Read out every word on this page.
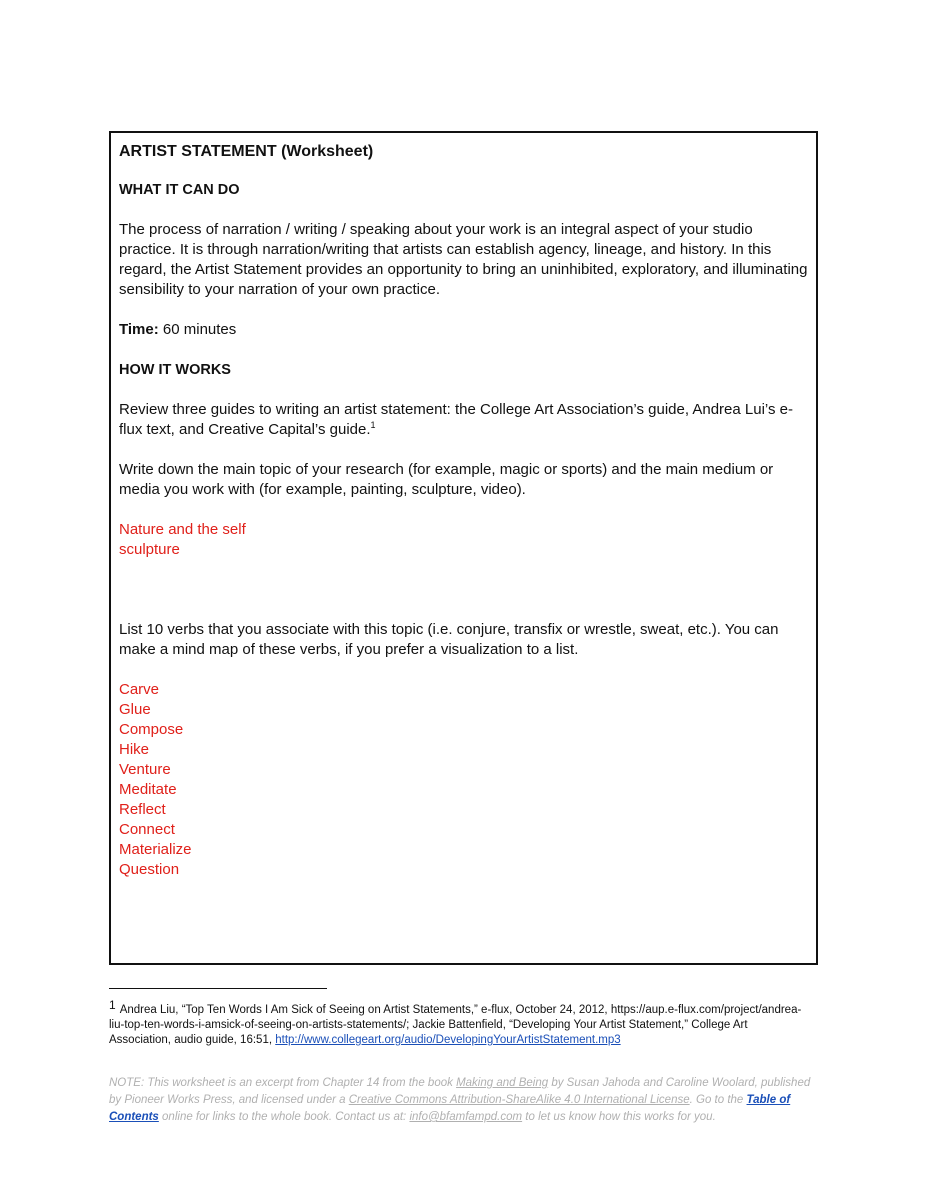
ARTIST STATEMENT (Worksheet)

WHAT IT CAN DO

The process of narration / writing / speaking about your work is an integral aspect of your studio practice. It is through narration/writing that artists can establish agency, lineage, and history. In this regard, the Artist Statement provides an opportunity to bring an uninhibited, exploratory, and illuminating sensibility to your narration of your own practice.

Time: 60 minutes

HOW IT WORKS

Review three guides to writing an artist statement: the College Art Association’s guide, Andrea Lui’s e-flux text, and Creative Capital’s guide.$^1$

Write down the main topic of your research (for example, magic or sports) and the main medium or media you work with (for example, painting, sculpture, video).

Nature and the self

sculpture

List 10 verbs that you associate with this topic (i.e. conjure, transfix or wrestle, sweat, etc.). You can make a mind map of these verbs, if you prefer a visualization to a list.

Carve

Glue

Compose

Hike

Venture

Meditate

Reflect

Connect

Materialize

Question

1 Andrea Liu, “Top Ten Words I Am Sick of Seeing on Artist Statements,” e-flux, October 24, 2012, https://aup.e-flux.com/project/andrea-liu-top-ten-words-i-amsick-of-seeing-on-artists-statements/; Jackie Battenfield, “Developing Your Artist Statement,” College Art Association, audio guide, 16:51, http://www.collegeart.org/audio/DevelopingYourArtistStatement.mp3
NOTE: This worksheet is an excerpt from Chapter 14 from the book Making and Being by Susan Jahoda and Caroline Woolard, published by Pioneer Works Press, and licensed under a Creative Commons Attribution-ShareAlike 4.0 International License. Go to the Table of Contents online for links to the whole book. Contact us at: info@bfamfampd.com to let us know how this works for you.
